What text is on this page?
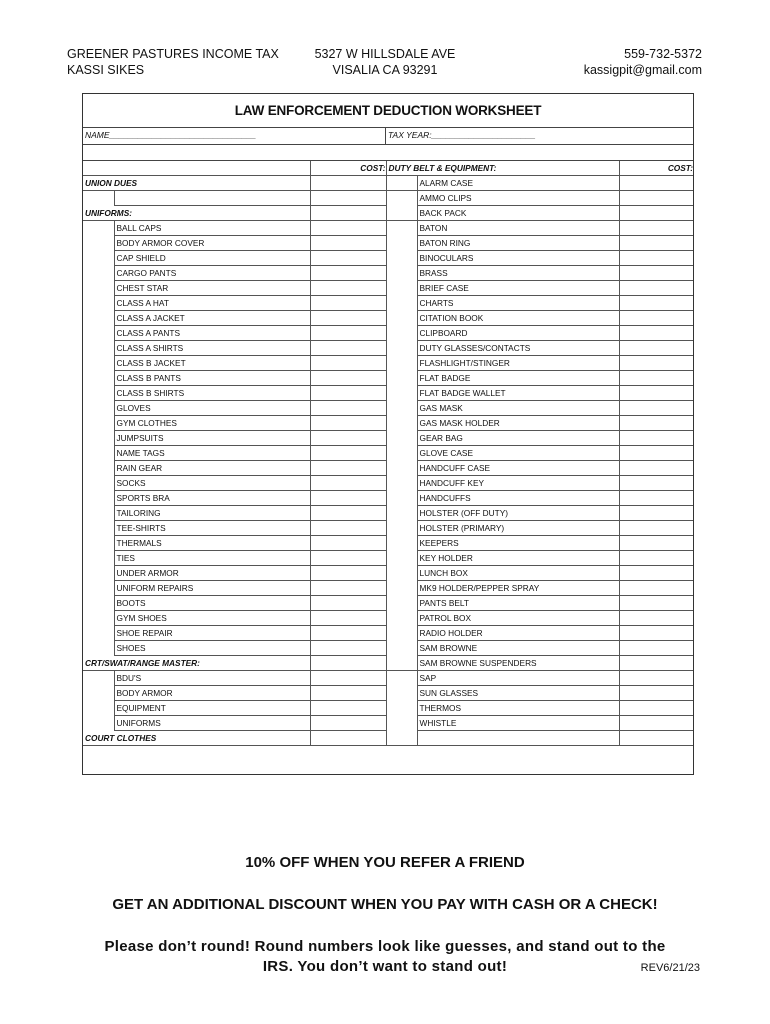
GREENER PASTURES INCOME TAX
KASSI SIKES
5327 W HILLSDALE AVE
VISALIA CA 93291
559-732-5372
kassigpit@gmail.com
LAW ENFORCEMENT DEDUCTION WORKSHEET
NAME_______________________________	TAX YEAR:______________________
		COST:	DUTY BELT & EQUIPMENT:		COST:
UNION DUES				ALARM CASE	
				AMMO CLIPS	
UNIFORMS:				BACK PACK	
	BALL CAPS			BATON	
	BODY ARMOR COVER			BATON RING	
	CAP SHIELD			BINOCULARS	
	CARGO PANTS			BRASS	
	CHEST STAR			BRIEF CASE	
	CLASS A HAT			CHARTS	
	CLASS A JACKET			CITATION BOOK	
	CLASS A PANTS			CLIPBOARD	
	CLASS A SHIRTS			DUTY GLASSES/CONTACTS	
	CLASS B JACKET			FLASHLIGHT/STINGER	
	CLASS B PANTS			FLAT BADGE	
	CLASS B SHIRTS			FLAT BADGE WALLET	
	GLOVES			GAS MASK	
	GYM CLOTHES			GAS MASK HOLDER	
	JUMPSUITS			GEAR BAG	
	NAME TAGS			GLOVE CASE	
	RAIN GEAR			HANDCUFF CASE	
	SOCKS			HANDCUFF KEY	
	SPORTS BRA			HANDCUFFS	
	TAILORING			HOLSTER (OFF DUTY)	
	TEE-SHIRTS			HOLSTER (PRIMARY)	
	THERMALS			KEEPERS	
	TIES			KEY HOLDER	
	UNDER ARMOR			LUNCH BOX	
	UNIFORM REPAIRS			MK9 HOLDER/PEPPER SPRAY	
	BOOTS			PANTS BELT	
	GYM SHOES			PATROL BOX	
	SHOE REPAIR			RADIO HOLDER	
	SHOES			SAM BROWNE	
CRT/SWAT/RANGE MASTER:				SAM BROWNE SUSPENDERS	
	BDU'S			SAP	
	BODY ARMOR			SUN GLASSES	
	EQUIPMENT			THERMOS	
	UNIFORMS			WHISTLE	
COURT CLOTHES					
10% OFF WHEN YOU REFER A FRIEND
GET AN ADDITIONAL DISCOUNT WHEN YOU PAY WITH CASH OR A CHECK!
Please don’t round! Round numbers look like guesses, and stand out to the
IRS. You don’t want to stand out!	REV6/21/23
